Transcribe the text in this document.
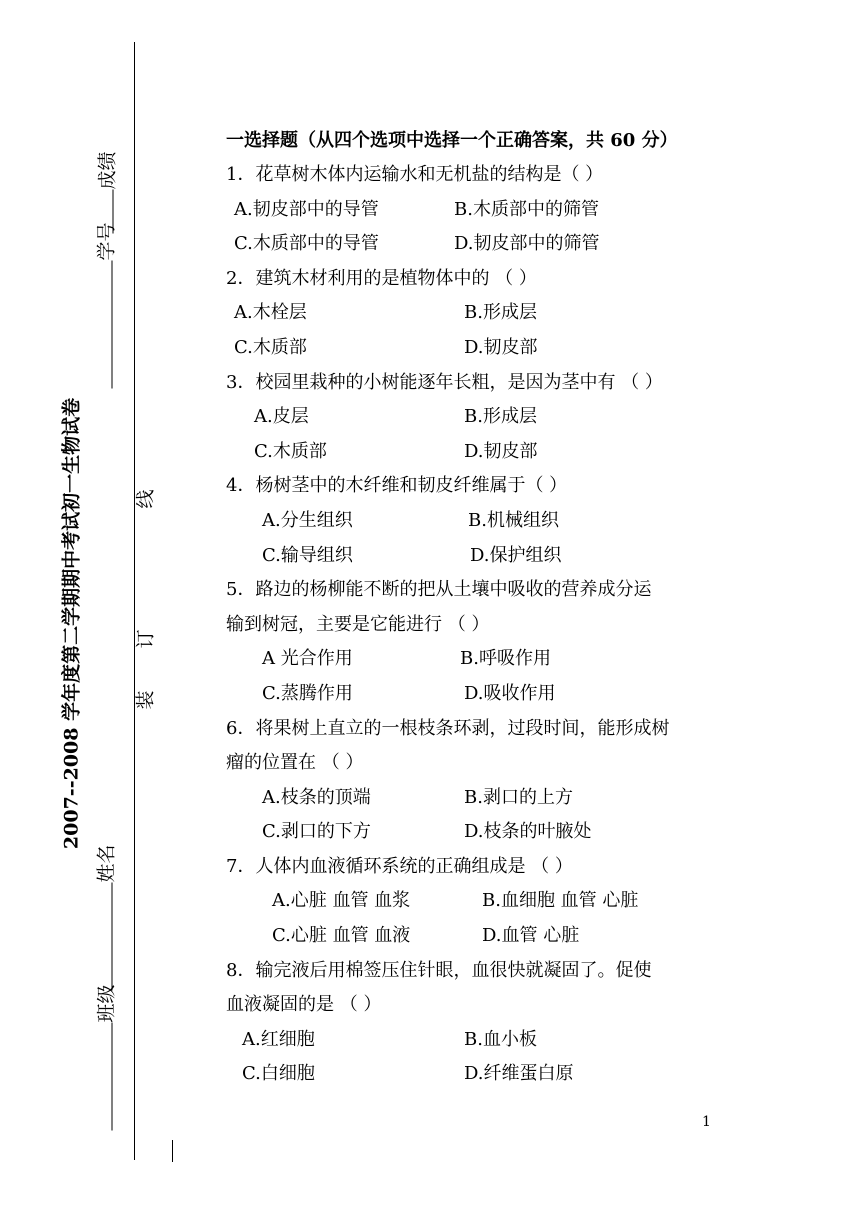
2007--2008 学年度第二学期期中考试初一生物试卷	装
订
线
成绩
学号
姓名
班级
一选择题（从四个选项中选择一个正确答案，共 60 分）
1．花草树木体内运输水和无机盐的结构是（ ）
A.韧皮部中的导管	B.木质部中的筛管
C.木质部中的导管	D.韧皮部中的筛管
2．建筑木材利用的是植物体中的 （ ）
A.木栓层	B.形成层
C.木质部	D.韧皮部
3．校园里栽种的小树能逐年长粗，是因为茎中有 （ ）
A.皮层	B.形成层
C.木质部	D.韧皮部
4．杨树茎中的木纤维和韧皮纤维属于（ ）
A.分生组织	B.机械组织
C.输导组织	D.保护组织
5．路边的杨柳能不断的把从土壤中吸收的营养成分运
输到树冠，主要是它能进行 （ ）
A 光合作用	B.呼吸作用
C.蒸腾作用	D.吸收作用
6．将果树上直立的一根枝条环剥，过段时间，能形成树
瘤的位置在 （ ）
A.枝条的顶端	B.剥口的上方
C.剥口的下方	D.枝条的叶腋处
7．人体内血液循环系统的正确组成是 （ ）
A.心脏 血管 血浆	B.血细胞 血管 心脏
C.心脏 血管 血液	D.血管 心脏
8．输完液后用棉签压住针眼，血很快就凝固了。促使
血液凝固的是 （ ）
A.红细胞	B.血小板
C.白细胞	D.纤维蛋白原
1
